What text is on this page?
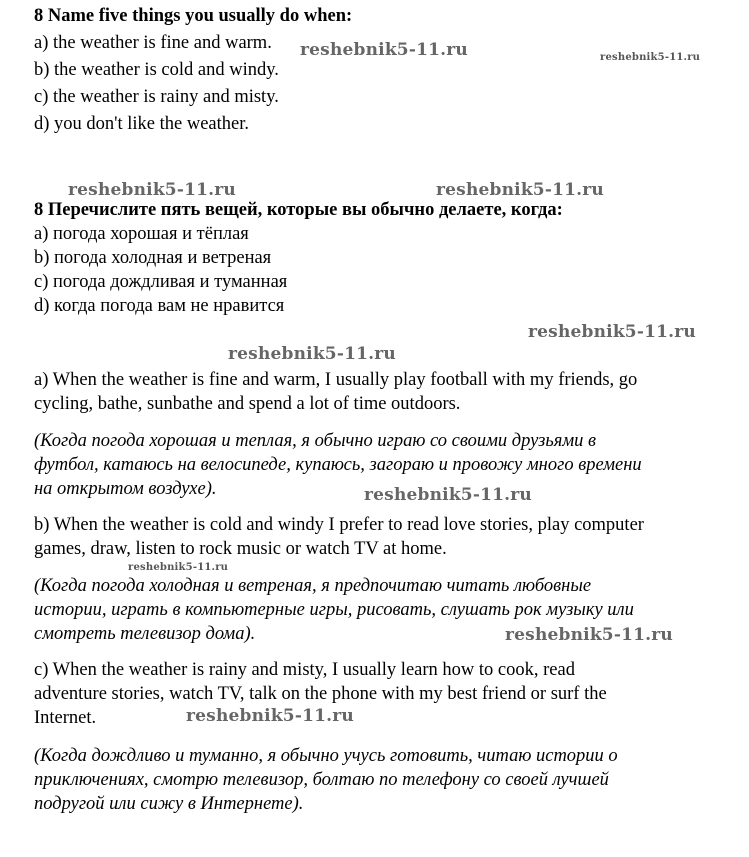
8 Name five things you usually do when:
a) the weather is fine and warm.
b) the weather is cold and windy.
c) the weather is rainy and misty.
d) you don't like the weather.
8 Перечислите пять вещей, которые вы обычно делаете, когда:
a) погода хорошая и тёплая
b) погода холодная и ветреная
c) погода дождливая и туманная
d) когда погода вам не нравится
a) When the weather is fine and warm, I usually play football with my friends, go
cycling, bathe, sunbathe and spend a lot of time outdoors.
(Когда погода хорошая и теплая, я обычно играю со своими друзьями в
футбол, катаюсь на велосипеде, купаюсь, загораю и провожу много времени
на открытом воздухе).
b) When the weather is cold and windy I prefer to read love stories, play computer
games, draw, listen to rock music or watch TV at home.
(Когда погода холодная и ветреная, я предпочитаю читать любовные
истории, играть в компьютерные игры, рисовать, слушать рок музыку или
смотреть телевизор дома).
c) When the weather is rainy and misty, I usually learn how to cook, read
adventure stories, watch TV, talk on the phone with my best friend or surf the
Internet.
(Когда дождливо и туманно, я обычно учусь готовить, читаю истории о
приключениях, смотрю телевизор, болтаю по телефону со своей лучшей
подругой или сижу в Интернете).
reshebnik5-11.ru	reshebnik5-11.ru
reshebnik5-11.ru	reshebnik5-11.ru
reshebnik5-11.ru
reshebnik5-11.ru
reshebnik5-11.ru
reshebnik5-11.ru
reshebnik5-11.ru
reshebnik5-11.ru
